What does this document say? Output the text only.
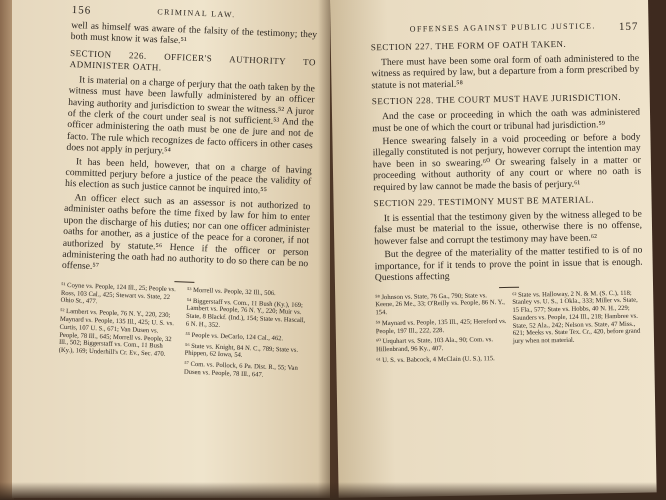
156	CRIMINAL LAW.

well as himself was aware of the falsity of the testimony; they both must know it was false.⁵¹

SECTION 226. OFFICER'S AUTHORITY TO ADMINISTER OATH.

It is material on a charge of perjury that the oath taken by the witness must have been lawfully administered by an officer having authority and jurisdiction to swear the witness.⁵² A juror of the clerk of the court under seal is not sufficient.⁵³ And the officer administering the oath must be one de jure and not de facto. The rule which recognizes de facto officers in other cases does not apply in perjury.⁵⁴

It has been held, however, that on a charge of having committed perjury before a justice of the peace the validity of his election as such justice cannot be inquired into.⁵⁵

An officer elect such as an assessor is not authorized to administer oaths before the time fixed by law for him to enter upon the discharge of his duties; nor can one officer administer oaths for another, as a justice of the peace for a coroner, if not authorized by statute.⁵⁶ Hence if the officer or person administering the oath had no authority to do so there can be no offense.⁵⁷

⁵¹ Coyne vs. People, 124 Ill., 25; People vs. Ross, 103 Cal., 425; Stewart vs. State, 22 Ohio St., 477.
⁵² Lambert vs. People, 76 N. Y., 220, 230; Maynard vs. People, 135 Ill., 425; U. S. vs. Curtis, 107 U. S., 671; Van Dusen vs. People, 78 Ill., 645; Morrell vs. People, 32 Ill., 502; Biggerstaff vs. Com., 11 Bush (Ky.), 169; Underhill's Cr. Ev., Sec. 470.
⁵³ Morrell vs. People, 32 Ill., 506.
⁵⁴ Biggerstaff vs. Com., 11 Bush (Ky.), 169; Lambert vs. People, 76 N. Y., 220; Muir vs. State, 8 Blackf. (Ind.), 154; State vs. Hascall, 6 N. H., 352.
⁵⁵ People vs. DeCarlo, 124 Cal., 462.
⁵⁶ State vs. Knight, 84 N. C., 789; State vs. Phippen, 62 Iowa, 54.
⁵⁷ Com. vs. Pollock, 6 Pa. Dist. R., 55; Van Dusen vs. People, 78 Ill., 647.
OFFENSES AGAINST PUBLIC JUSTICE. 157
SECTION 227. THE FORM OF OATH TAKEN.

There must have been some oral form of oath administered to the witness as required by law, but a departure from a form prescribed by statute is not material.⁵⁸

SECTION 228. THE COURT MUST HAVE JURISDICTION.

And the case or proceeding in which the oath was administered must be one of which the court or tribunal had jurisdiction.⁵⁹

Hence swearing falsely in a void proceeding or before a body illegally constituted is not perjury, however corrupt the intention may have been in so swearing.⁶⁰ Or swearing falsely in a matter or proceeding without authority of any court or where no oath is required by law cannot be made the basis of perjury.⁶¹

SECTION 229. TESTIMONY MUST BE MATERIAL.

It is essential that the testimony given by the witness alleged to be false must be material to the issue, otherwise there is no offense, however false and corrupt the testimony may have been.⁶²

But the degree of the materiality of the matter testified to is of no importance, for if it tends to prove the point in issue that is enough. Questions affecting

⁵⁸ Johnson vs. State, 76 Ga., 790; State vs. Keene, 26 Me., 33; O'Reilly vs. People, 86 N. Y., 154.
⁵⁹ Maynard vs. People, 135 Ill., 425; Hereford vs. People, 197 Ill., 222, 228.
⁶⁰ Urquhart vs. State, 103 Ala., 90; Com. vs. Hillenbrand, 96 Ky., 407.
⁶¹ U. S. vs. Babcock, 4 McClain (U. S.), 115.
⁶² State vs. Halloway, 2 N. & M. (S. C.), 118; Stanley vs. U. S., 1 Okla., 333; Miller vs. State, 15 Fla., 577; State vs. Hobbs, 40 N. H., 229; Saunders vs. People, 124 Ill., 218; Hambree vs. State, 52 Ala., 242; Nelson vs. State, 47 Miss., 621; Meeks vs. State Tex. Cr., 420, before grand jury when not material.
